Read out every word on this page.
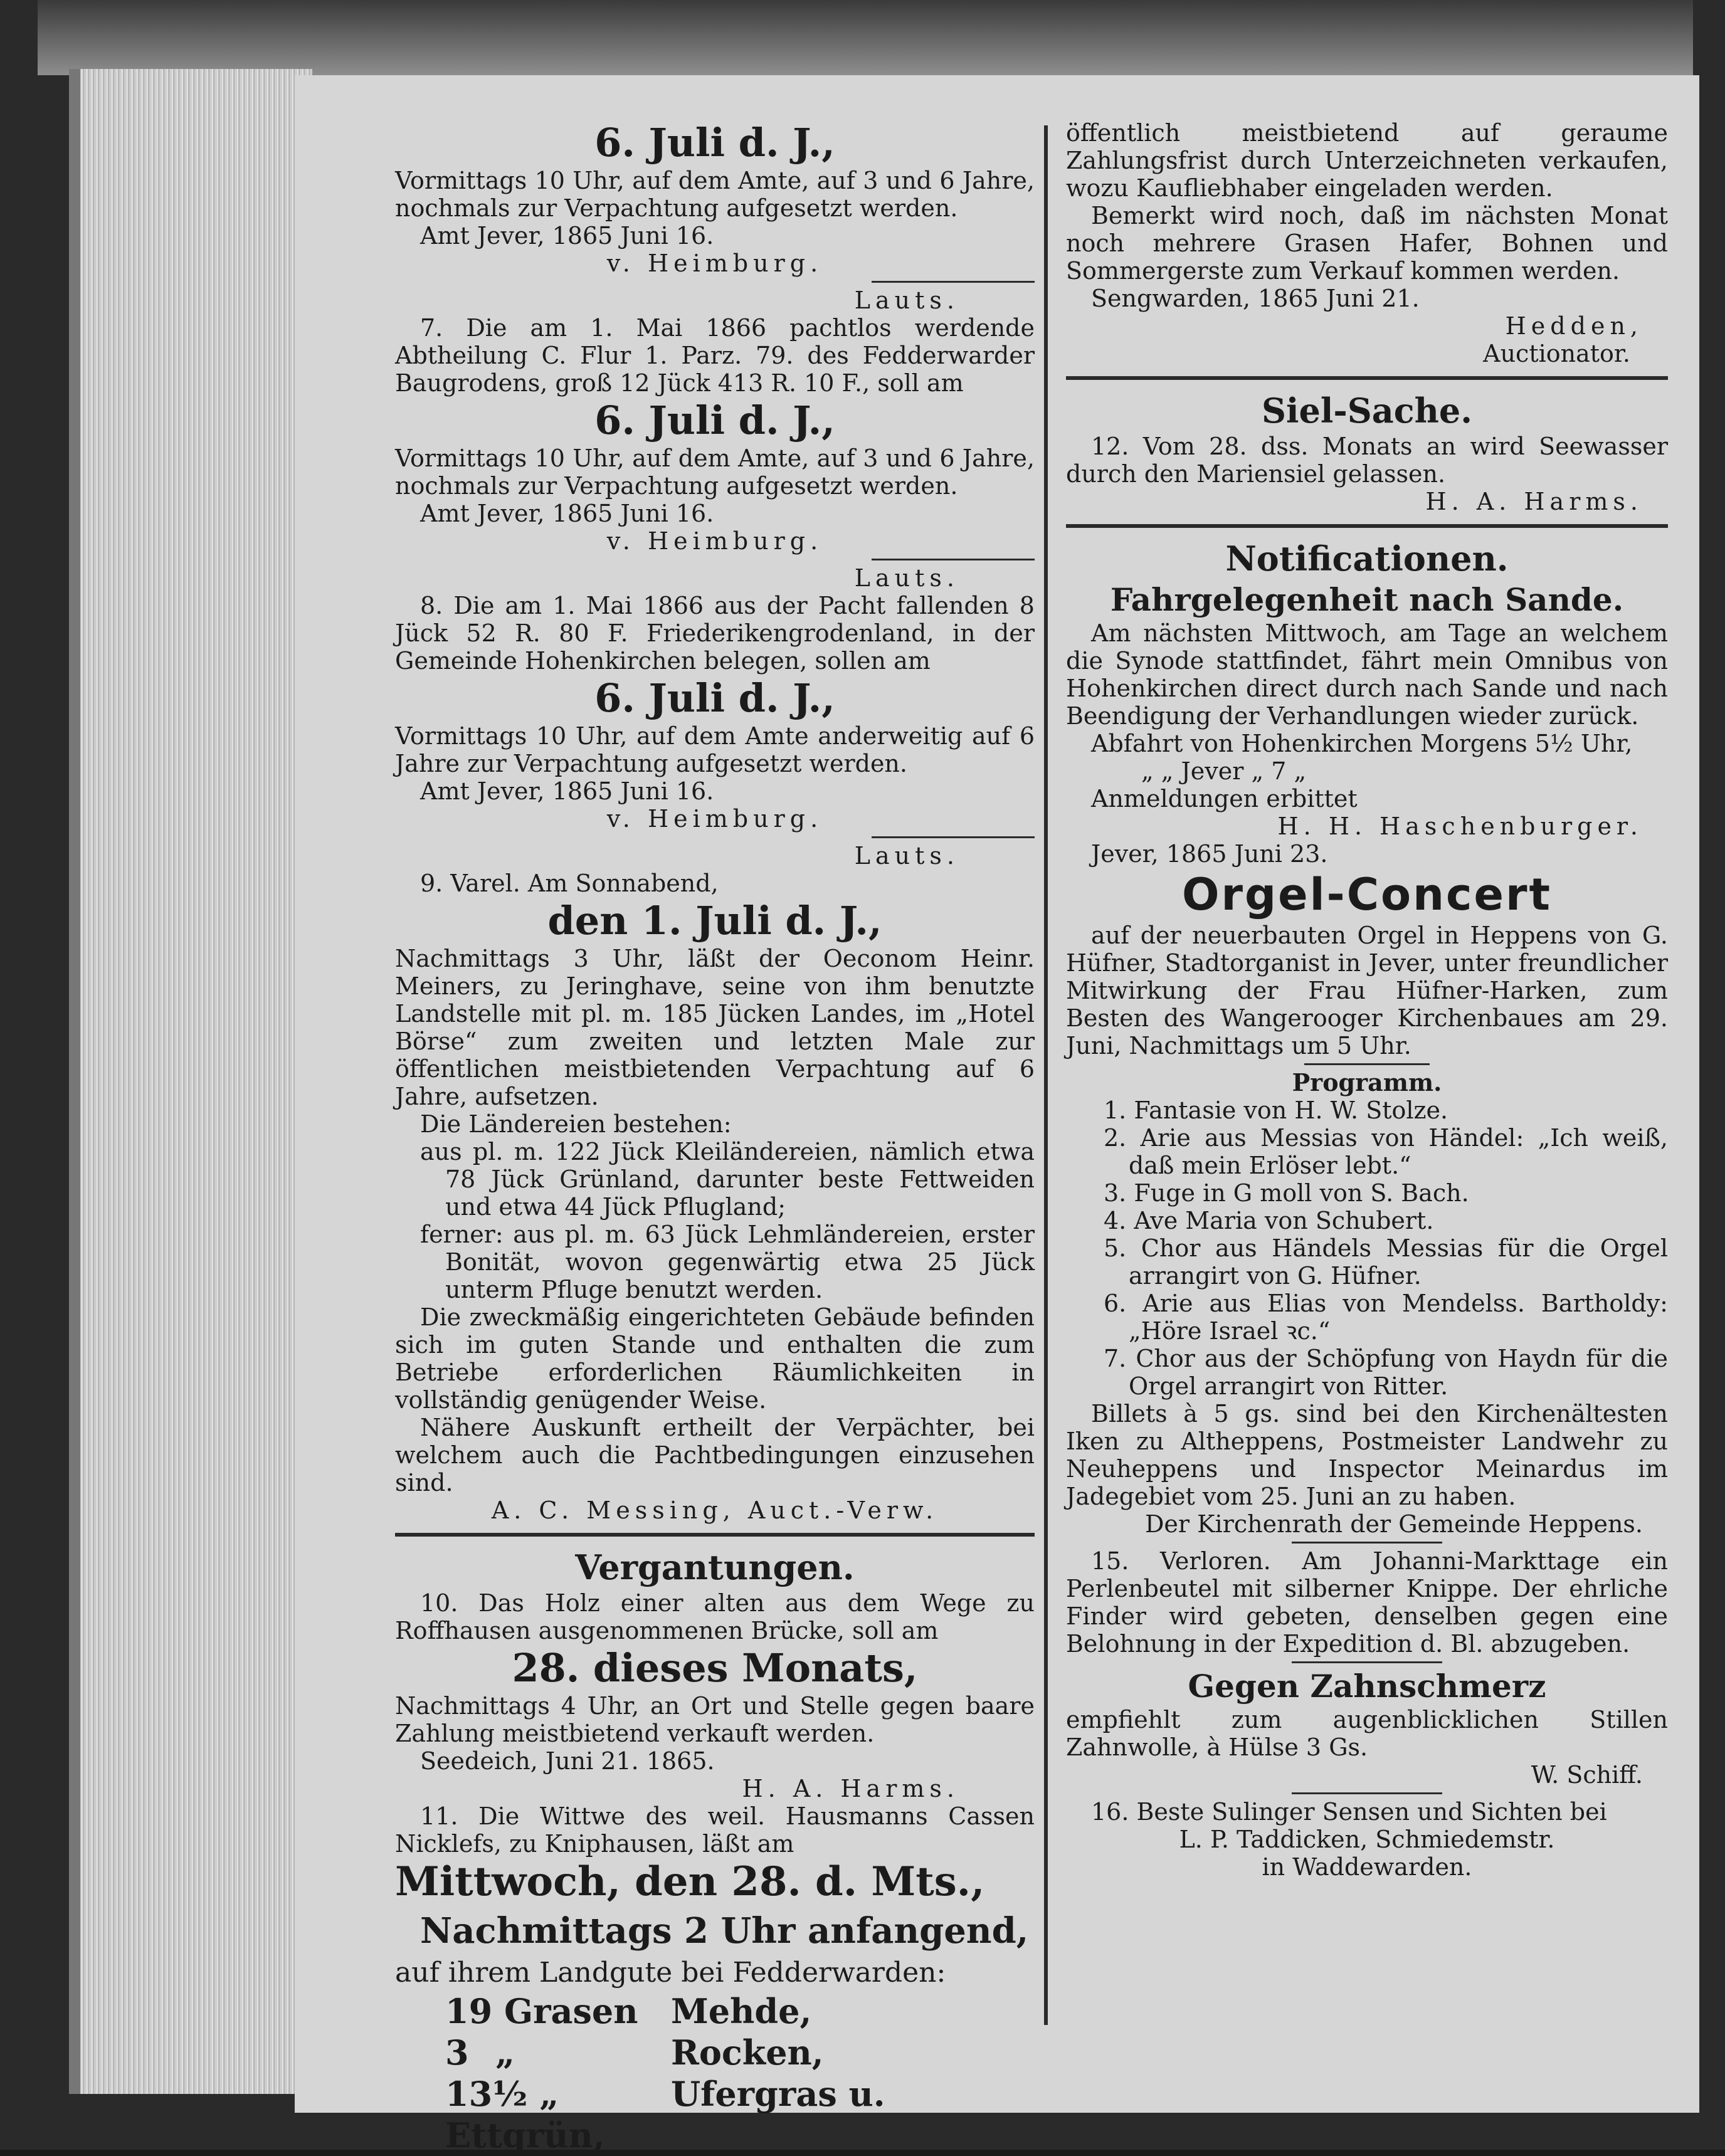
6. Juli d. J.,

Vormittags 10 Uhr, auf dem Amte, auf 3 und 6 Jahre, nochmals zur Verpachtung aufgesetzt werden.

Amt Jever, 1865 Juni 16.

v. Heimburg.

Lauts.

7. Die am 1. Mai 1866 pachtlos werdende Abtheilung C. Flur 1. Parz. 79. des Fedderwarder Baugrodens, groß 12 Jück 413 R. 10 F., soll am

6. Juli d. J.,

Vormittags 10 Uhr, auf dem Amte, auf 3 und 6 Jahre, nochmals zur Verpachtung aufgesetzt werden.

Amt Jever, 1865 Juni 16.

v. Heimburg.

Lauts.

8. Die am 1. Mai 1866 aus der Pacht fallenden 8 Jück 52 R. 80 F. Friederikengrodenland, in der Gemeinde Hohenkirchen belegen, sollen am

6. Juli d. J.,

Vormittags 10 Uhr, auf dem Amte anderweitig auf 6 Jahre zur Verpachtung aufgesetzt werden.

Amt Jever, 1865 Juni 16.

v. Heimburg.

Lauts.

9. Varel. Am Sonnabend,

den 1. Juli d. J.,

Nachmittags 3 Uhr, läßt der Oeconom Heinr. Meiners, zu Jeringhave, seine von ihm benutzte Landstelle mit pl. m. 185 Jücken Landes, im „Hotel Börse“ zum zweiten und letzten Male zur öffentlichen meistbietenden Verpachtung auf 6 Jahre, aufsetzen.

Die Ländereien bestehen:

aus pl. m. 122 Jück Kleiländereien, nämlich etwa 78 Jück Grünland, darunter beste Fettweiden und etwa 44 Jück Pflugland;

ferner: aus pl. m. 63 Jück Lehmländereien, erster Bonität, wovon gegenwärtig etwa 25 Jück unterm Pfluge benutzt werden.

Die zweckmäßig eingerichteten Gebäude befinden sich im guten Stande und enthalten die zum Betriebe erforderlichen Räumlichkeiten in vollständig genügender Weise.

Nähere Auskunft ertheilt der Verpächter, bei welchem auch die Pachtbedingungen einzusehen sind.

A. C. Messing, Auct.-Verw.

Vergantungen.

10. Das Holz einer alten aus dem Wege zu Roffhausen ausgenommenen Brücke, soll am

28. dieses Monats,

Nachmittags 4 Uhr, an Ort und Stelle gegen baare Zahlung meistbietend verkauft werden.

Seedeich, Juni 21. 1865.

H. A. Harms.

11. Die Wittwe des weil. Hausmanns Cassen Nicklefs, zu Kniphausen, läßt am

Mittwoch, den 28. d. Mts.,

Nachmittags 2 Uhr anfangend,

auf ihrem Landgute bei Fedderwarden:

19 Grasen Mehde,
3 „	Rocken,
13½ „	Ufergras u. Ettgrün,

öffentlich meistbietend auf geraume Zahlungsfrist durch Unterzeichneten verkaufen, wozu Kaufliebhaber eingeladen werden.

Bemerkt wird noch, daß im nächsten Monat noch mehrere Grasen Hafer, Bohnen und Sommergerste zum Verkauf kommen werden.

Sengwarden, 1865 Juni 21.

Hedden,

Auctionator.

Siel-Sache.

12. Vom 28. dss. Monats an wird Seewasser durch den Mariensiel gelassen.

H. A. Harms.

Notificationen.

Fahrgelegenheit nach Sande.

Am nächsten Mittwoch, am Tage an welchem die Synode stattfindet, fährt mein Omnibus von Hohenkirchen direct durch nach Sande und nach Beendigung der Verhandlungen wieder zurück.

Abfahrt von Hohenkirchen Morgens 5½ Uhr,

„ „ Jever „ 7 „

Anmeldungen erbittet

H. H. Haschenburger.

Jever, 1865 Juni 23.

Orgel-Concert

auf der neuerbauten Orgel in Heppens von G. Hüfner, Stadtorganist in Jever, unter freundlicher Mitwirkung der Frau Hüfner-Harken, zum Besten des Wangerooger Kirchenbaues am 29. Juni, Nachmittags um 5 Uhr.

Programm.

1. Fantasie von H. W. Stolze.

2. Arie aus Messias von Händel: „Ich weiß, daß mein Erlöser lebt.“

3. Fuge in G moll von S. Bach.

4. Ave Maria von Schubert.

5. Chor aus Händels Messias für die Orgel arrangirt von G. Hüfner.

6. Arie aus Elias von Mendelss. Bartholdy: „Höre Israel ꝛc.“

7. Chor aus der Schöpfung von Haydn für die Orgel arrangirt von Ritter.

Billets à 5 gs. sind bei den Kirchenältesten Iken zu Altheppens, Postmeister Landwehr zu Neuheppens und Inspector Meinardus im Jadegebiet vom 25. Juni an zu haben.

Der Kirchenrath der Gemeinde Heppens.

15. Verloren. Am Johanni-Markttage ein Perlenbeutel mit silberner Knippe. Der ehrliche Finder wird gebeten, denselben gegen eine Belohnung in der Expedition d. Bl. abzugeben.

Gegen Zahnschmerz

empfiehlt zum augenblicklichen Stillen Zahnwolle, à Hülse 3 Gs.

W. Schiff.

16. Beste Sulinger Sensen und Sichten bei

L. P. Taddicken, Schmiedemstr.

in Waddewarden.
